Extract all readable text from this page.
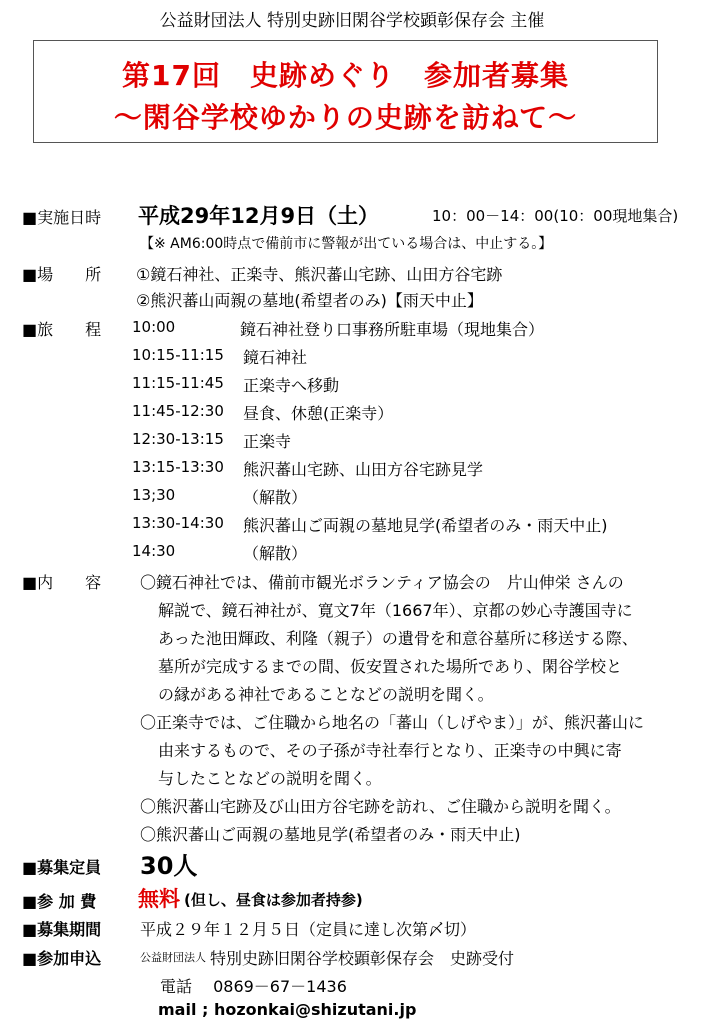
公益財団法人 特別史跡旧閑谷学校顕彰保存会 主催
第17回　史跡めぐり　参加者募集
～閑谷学校ゆかりの史跡を訪ねて～
■実施日時 平成29年12月9日（土）	10：00－14：00(10：00現地集合)
【※ AM6:00時点で備前市に警報が出ている場合は、中止する。】
■場　　所 ①鏡石神社、正楽寺、熊沢蕃山宅跡、山田方谷宅跡
②熊沢蕃山両親の墓地(希望者のみ)【雨天中止】
■旅　　程 10:00	鏡石神社登り口事務所駐車場（現地集合）
10:15-11:15 鏡石神社
11:15-11:45 正楽寺へ移動
11:45-12:30 昼食、休憩(正楽寺）
12:30-13:15 正楽寺
13:15-13:30 熊沢蕃山宅跡、山田方谷宅跡見学
13;30	（解散）
13:30-14:30 熊沢蕃山ご両親の墓地見学(希望者のみ・雨天中止)
14:30	（解散）
■内　　容 〇鏡石神社では、備前市観光ボランティア協会の　片山伸栄 さんの
解説で、鏡石神社が、寛文7年（1667年）、京都の妙心寺護国寺に
あった池田輝政、利隆（親子）の遺骨を和意谷墓所に移送する際、
墓所が完成するまでの間、仮安置された場所であり、閑谷学校と
の縁がある神社であることなどの説明を聞く。
〇正楽寺では、ご住職から地名の「蕃山（しげやま）」が、熊沢蕃山に
由来するもので、その子孫が寺社奉行となり、正楽寺の中興に寄
与したことなどの説明を聞く。
〇熊沢蕃山宅跡及び山田方谷宅跡を訪れ、ご住職から説明を聞く。
〇熊沢蕃山ご両親の墓地見学(希望者のみ・雨天中止)
■募集定員 30人
■参 加 費 無料 (但し、昼食は参加者持参)
■募集期間 平成２９年１２月５日（定員に達し次第〆切）
■参加申込	公益財団法人 特別史跡旧閑谷学校顕彰保存会　史跡受付
電話　 0869－67－1436
mail ; hozonkai@shizutani.jp
